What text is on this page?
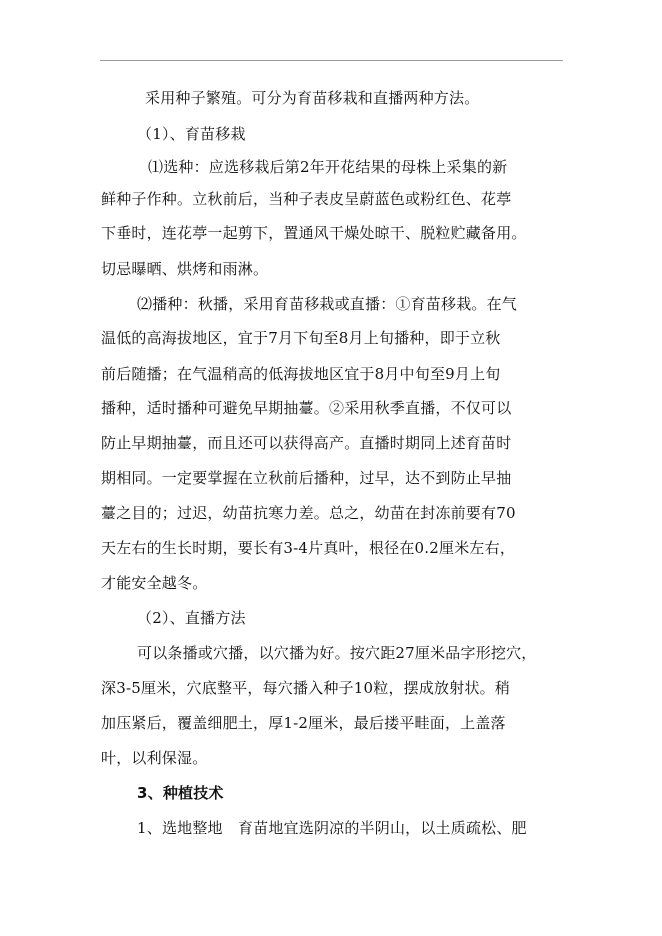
采用种子繁殖。可分为育苗移栽和直播两种方法。
（1）、育苗移栽
⑴选种：应选移栽后第2年开花结果的母株上采集的新
鲜种子作种。立秋前后，当种子表皮呈蔚蓝色或粉红色、花葶
下垂时，连花葶一起剪下，置通风干燥处晾干、脱粒贮藏备用。
切忌曝晒、烘烤和雨淋。
⑵播种：秋播，采用育苗移栽或直播：①育苗移栽。在气
温低的高海拔地区，宜于7月下旬至8月上旬播种，即于立秋
前后随播；在气温稍高的低海拔地区宜于8月中旬至9月上旬
播种，适时播种可避免早期抽薹。②采用秋季直播，不仅可以
防止早期抽薹，而且还可以获得高产。直播时期同上述育苗时
期相同。一定要掌握在立秋前后播种，过早，达不到防止早抽
薹之目的；过迟，幼苗抗寒力差。总之，幼苗在封冻前要有70
天左右的生长时期，要长有3-4片真叶，根径在0.2厘米左右，
才能安全越冬。
（2）、直播方法
可以条播或穴播，以穴播为好。按穴距27厘米品字形挖穴，
深3-5厘米，穴底整平，每穴播入种子10粒，摆成放射状。稍
加压紧后，覆盖细肥土，厚1-2厘米，最后搂平畦面，上盖落
叶，以利保湿。
3、种植技术
1、选地整地　育苗地宜选阴凉的半阴山，以土质疏松、肥
